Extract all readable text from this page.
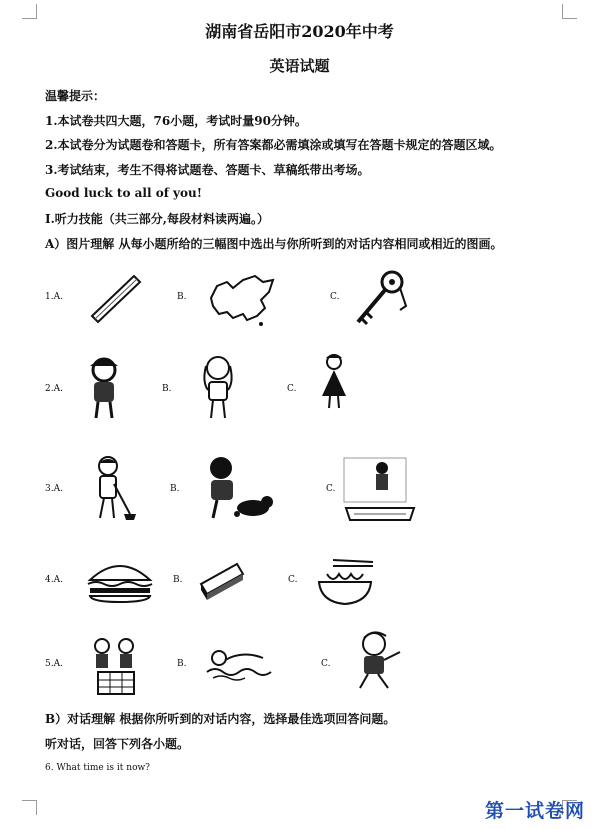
湖南省岳阳市2020年中考
英语试题
温馨提示：
1.本试卷共四大题，76小题，考试时量90分钟。
2.本试卷分为试题卷和答题卡，所有答案都必需填涂或填写在答题卡规定的答题区域。
3.考试结束，考生不得将试题卷、答题卡、草稿纸带出考场。
Good luck to all of you!
I.听力技能（共三部分,每段材料读两遍。）
A）图片理解 从每小题所给的三幅图中选出与你所听到的对话内容相同或相近的图画。
1.A.	B.	C.
2.A.	B.	C.
3.A.	B.	C.
4.A.	B.	C.
5.A.	B.	C.
B）对话理解 根据你所听到的对话内容，选择最佳选项回答问题。
听对话，回答下列各小题。
6. What time is it now?
第一试卷网
